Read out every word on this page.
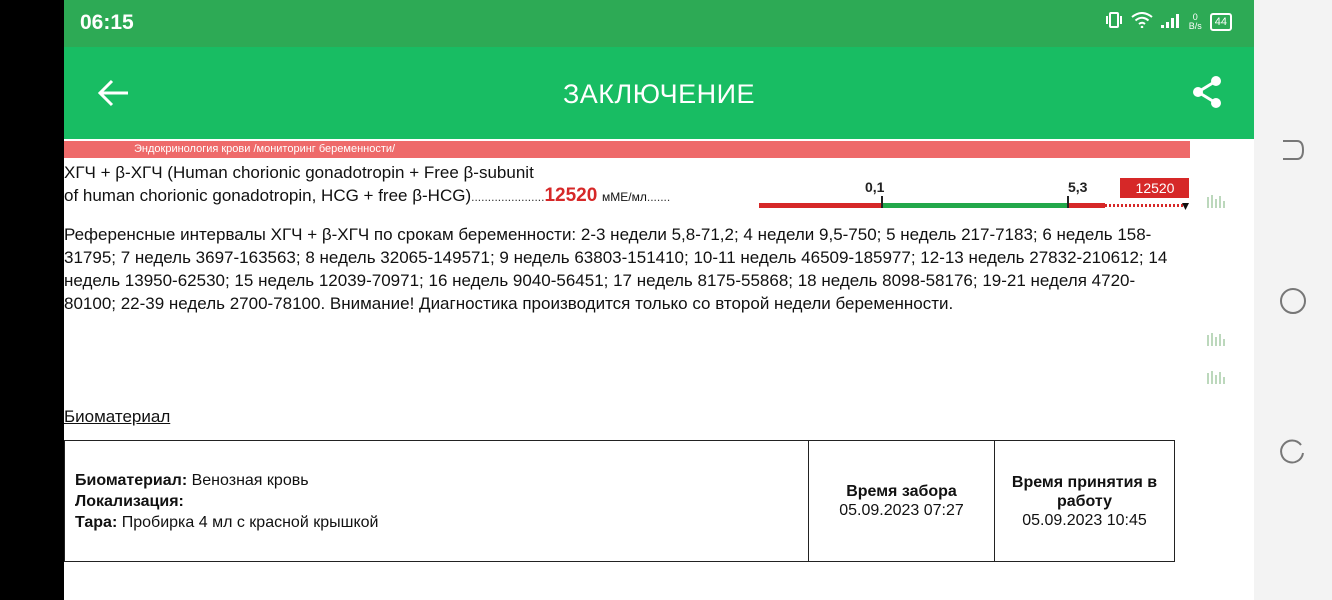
06:15	0
B/s	44
ЗАКЛЮЧЕНИЕ
Эндокринология крови /мониторинг беременности/
ХГЧ + β-ХГЧ (Human chorionic gonadotropin + Free β-subunit
of human chorionic gonadotropin, HCG + free β-HCG)......................12520 мМЕ/мл.......
0,1	5,3	12520
Референсные интервалы ХГЧ + β-ХГЧ по срокам беременности: 2-3 недели 5,8-71,2; 4 недели 9,5-750; 5 недель 217-7183; 6 недель 158-31795; 7 недель 3697-163563; 8 недель 32065-149571; 9 недель 63803-151410; 10-11 недель 46509-185977; 12-13 недель 27832-210612; 14 недель 13950-62530; 15 недель 12039-70971; 16 недель 9040-56451; 17 недель 8175-55868; 18 недель 8098-58176; 19-21 неделя 4720-80100; 22-39 недель 2700-78100. Внимание! Диагностика производится только со второй недели беременности.
Биоматериал
Биоматериал: Венозная кровь
Локализация:
Тара: Пробирка 4 мл с красной крышкой	
Время забора
05.09.2023 07:27	
Время принятия в работу
05.09.2023 10:45
